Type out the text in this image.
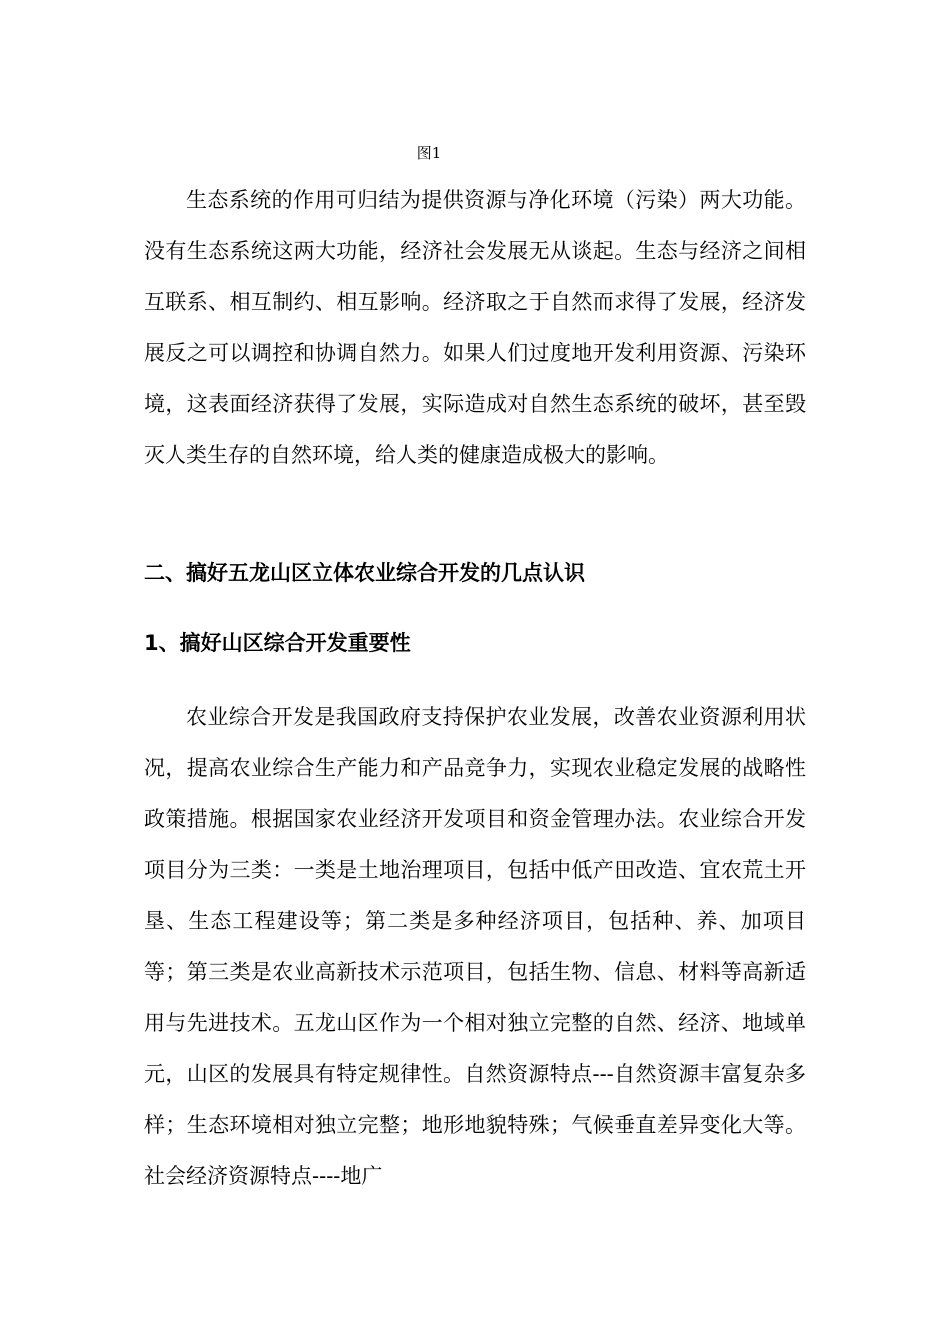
图1

生态系统的作用可归结为提供资源与净化环境（污染）两大功能。没有生态系统这两大功能，经济社会发展无从谈起。生态与经济之间相互联系、相互制约、相互影响。经济取之于自然而求得了发展，经济发展反之可以调控和协调自然力。如果人们过度地开发利用资源、污染环境，这表面经济获得了发展，实际造成对自然生态系统的破坏，甚至毁灭人类生存的自然环境，给人类的健康造成极大的影响。

二、搞好五龙山区立体农业综合开发的几点认识
1、搞好山区综合开发重要性

农业综合开发是我国政府支持保护农业发展，改善农业资源利用状况，提高农业综合生产能力和产品竞争力，实现农业稳定发展的战略性政策措施。根据国家农业经济开发项目和资金管理办法。农业综合开发项目分为三类：一类是土地治理项目，包括中低产田改造、宜农荒土开垦、生态工程建设等；第二类是多种经济项目，包括种、养、加项目等；第三类是农业高新技术示范项目，包括生物、信息、材料等高新适用与先进技术。五龙山区作为一个相对独立完整的自然、经济、地域单元，山区的发展具有特定规律性。自然资源特点---自然资源丰富复杂多样；生态环境相对独立完整；地形地貌特殊；气候垂直差异变化大等。社会经济资源特点----地广
